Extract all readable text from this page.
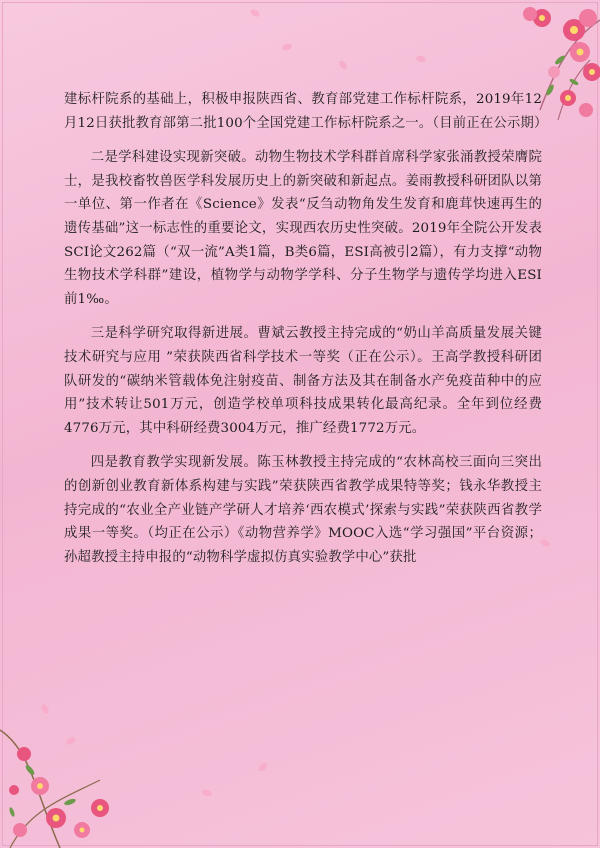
建标杆院系的基础上，积极申报陕西省、教育部党建工作标杆院系，2019年12月12日获批教育部第二批100个全国党建工作标杆院系之一。（目前正在公示期）

二是学科建设实现新突破。动物生物技术学科群首席科学家张涌教授荣膺院士，是我校畜牧兽医学科发展历史上的新突破和新起点。姜雨教授科研团队以第一单位、第一作者在《Science》发表“反刍动物角发生发育和鹿茸快速再生的遗传基础”这一标志性的重要论文，实现西农历史性突破。2019年全院公开发表SCI论文262篇（“双一流”A类1篇，B类6篇，ESI高被引2篇），有力支撑“动物生物技术学科群”建设，植物学与动物学学科、分子生物学与遗传学均进入ESI前1‰。

三是科学研究取得新进展。曹斌云教授主持完成的“奶山羊高质量发展关键技术研究与应用 ”荣获陕西省科学技术一等奖（正在公示）。王高学教授科研团队研发的“碳纳米管载体免注射疫苗、制备方法及其在制备水产免疫苗种中的应用”技术转让501万元，创造学校单项科技成果转化最高纪录。全年到位经费4776万元，其中科研经费3004万元，推广经费1772万元。

四是教育教学实现新发展。陈玉林教授主持完成的“农林高校三面向三突出的创新创业教育新体系构建与实践”荣获陕西省教学成果特等奖；钱永华教授主持完成的“农业全产业链产学研人才培养‘西农模式’探索与实践”荣获陕西省教学成果一等奖。（均正在公示）《动物营养学》MOOC入选“学习强国”平台资源；孙超教授主持申报的“动物科学虚拟仿真实验教学中心”获批
